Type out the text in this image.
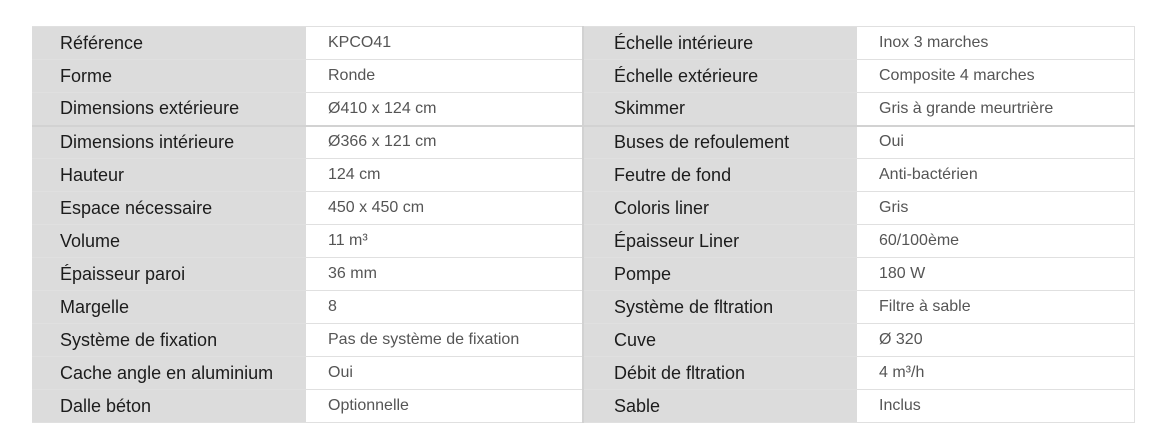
Référence	KPCO41	Échelle intérieure	Inox 3 marches
Forme	Ronde	Échelle extérieure	Composite 4 marches
Dimensions extérieure	Ø410 x 124 cm	Skimmer	Gris à grande meurtrière
Dimensions intérieure	Ø366 x 121 cm	Buses de refoulement	Oui
Hauteur	124 cm	Feutre de fond	Anti-bactérien
Espace nécessaire	450 x 450 cm	Coloris liner	Gris
Volume	11 m³	Épaisseur Liner	60/100ème
Épaisseur paroi	36 mm	Pompe	180 W
Margelle	8	Système de fltration	Filtre à sable
Système de fixation	Pas de système de fixation	Cuve	Ø 320
Cache angle en aluminium	Oui	Débit de fltration	4 m³/h
Dalle béton	Optionnelle	Sable	Inclus
